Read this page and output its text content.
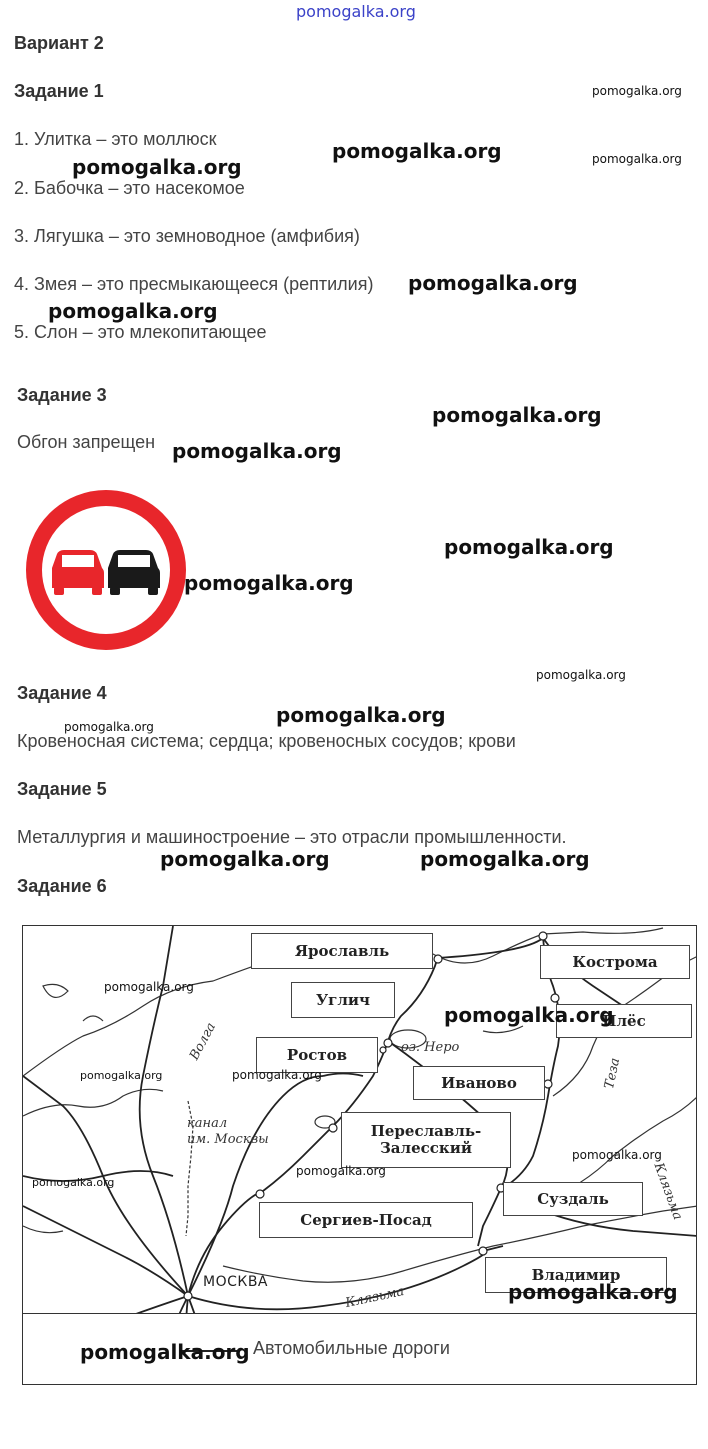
pomogalka.org
Вариант 2
Задание 1
1. Улитка – это моллюск
2. Бабочка – это насекомое
3. Лягушка – это земноводное (амфибия)
4. Змея – это пресмыкающееся (рептилия)
5. Слон – это млекопитающее
Задание 3
Обгон запрещен
Задание 4
Кровеносная система; сердца; кровеносных сосудов; крови
Задание 5
Металлургия и машиностроение – это отрасли промышленности.
Задание 6
Ярославль
Кострома
Углич
Плёс
Ростов
Иваново
Переславль-Залесский
Суздаль
Сергиев-Посад
Владимир
МОСКВА
Волга	оз. Неро
Теза
Клязьма
Клязьма
канал
им. Москвы
Автомобильные дороги
pomogalka.org
pomogalka.org	pomogalka.org
pomogalka.org
pomogalka.org
pomogalka.org
pomogalka.org
pomogalka.org
pomogalka.org
pomogalka.org
pomogalka.org
pomogalka.org
pomogalka.org
pomogalka.org	pomogalka.org
pomogalka.org
pomogalka.org
pomogalka.org	pomogalka.org
pomogalka.org
pomogalka.org
pomogalka.org
pomogalka.org
pomogalka.org
